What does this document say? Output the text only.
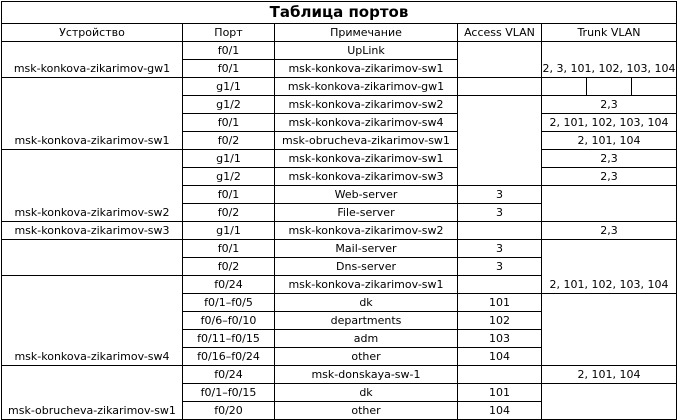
Таблица портов				
Устройство	Порт	Примечание	Access VLAN	Trunk VLAN
	f0/1	UpLink		
msk-konkova-zikarimov-gw1	f0/1	msk-konkova-zikarimov-sw1		2, 3, 101, 102, 103, 104
	g1/1	msk-konkova-zikarimov-gw1		

	g1/2	msk-konkova-zikarimov-sw2		2,3
	f0/1	msk-konkova-zikarimov-sw4		2, 101, 102, 103, 104
msk-konkova-zikarimov-sw1	f0/2	msk-obrucheva-zikarimov-sw1		2, 101, 104
	g1/1	msk-konkova-zikarimov-sw1		2,3
	g1/2	msk-konkova-zikarimov-sw3		2,3
	f0/1	Web-server	3	
msk-konkova-zikarimov-sw2	f0/2	File-server	3	
msk-konkova-zikarimov-sw3	g1/1	msk-konkova-zikarimov-sw2		2,3
	f0/1	Mail-server	3	
	f0/2	Dns-server	3	
	f0/24	msk-konkova-zikarimov-sw1		2, 101, 102, 103, 104
	f0/1–f0/5	dk	101	
	f0/6–f0/10	departments	102	
	f0/11–f0/15	adm	103	
msk-konkova-zikarimov-sw4	f0/16–f0/24	other	104	
	f0/24	msk-donskaya-sw-1		2, 101, 104
	f0/1–f0/15	dk	101	
msk-obrucheva-zikarimov-sw1	f0/20	other	104	
